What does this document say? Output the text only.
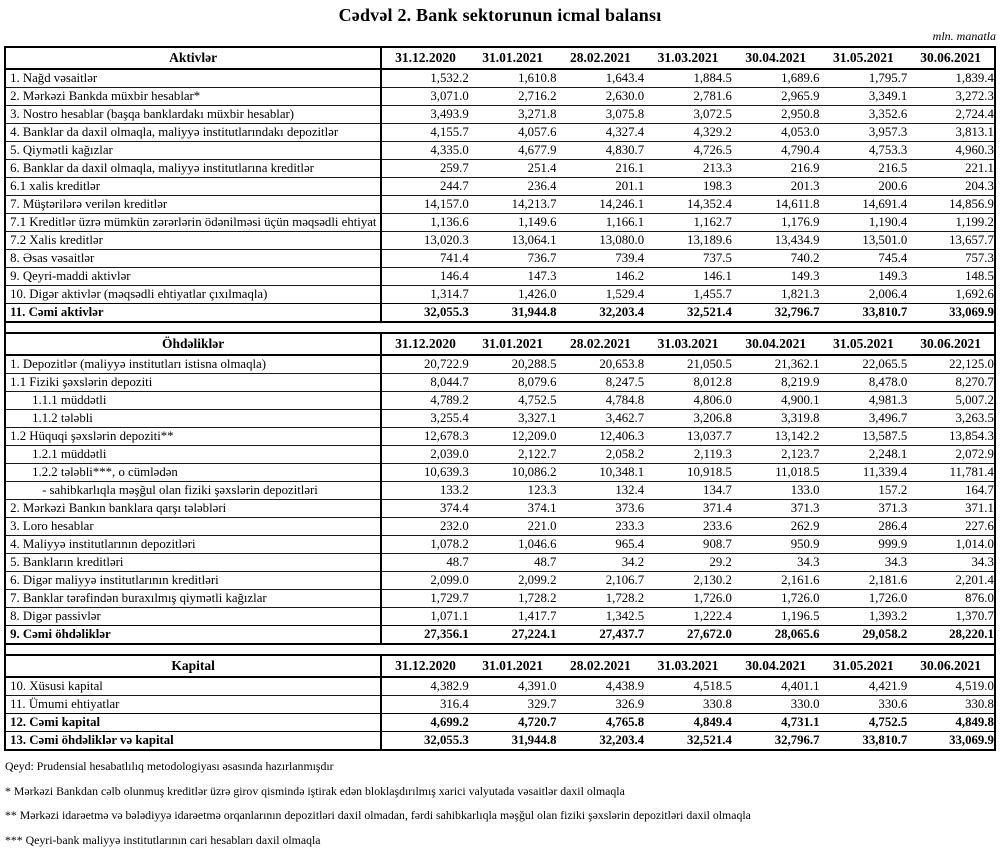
Cədvəl 2. Bank sektorunun icmal balansı
mln. manatla
Aktivlər	31.12.2020	31.01.2021	28.02.2021	31.03.2021	30.04.2021	31.05.2021	30.06.2021
1. Nağd vəsaitlər	1,532.2	1,610.8	1,643.4	1,884.5	1,689.6	1,795.7	1,839.4
2. Mərkəzi Bankda müxbir hesablar*	3,071.0	2,716.2	2,630.0	2,781.6	2,965.9	3,349.1	3,272.3
3. Nostro hesablar (başqa banklardakı müxbir hesablar)	3,493.9	3,271.8	3,075.8	3,072.5	2,950.8	3,352.6	2,724.4
4. Banklar da daxil olmaqla, maliyyə institutlarındakı depozitlər	4,155.7	4,057.6	4,327.4	4,329.2	4,053.0	3,957.3	3,813.1
5. Qiymətli kağızlar	4,335.0	4,677.9	4,830.7	4,726.5	4,790.4	4,753.3	4,960.3
6. Banklar da daxil olmaqla, maliyyə institutlarına kreditlər	259.7	251.4	216.1	213.3	216.9	216.5	221.1
6.1 xalis kreditlər	244.7	236.4	201.1	198.3	201.3	200.6	204.3
7. Müştərilərə verilən kreditlər	14,157.0	14,213.7	14,246.1	14,352.4	14,611.8	14,691.4	14,856.9
7.1 Kreditlər üzrə mümkün zərərlərin ödənilməsi üçün məqsədli ehtiyat	1,136.6	1,149.6	1,166.1	1,162.7	1,176.9	1,190.4	1,199.2
7.2 Xalis kreditlər	13,020.3	13,064.1	13,080.0	13,189.6	13,434.9	13,501.0	13,657.7
8. Əsas vəsaitlər	741.4	736.7	739.4	737.5	740.2	745.4	757.3
9. Qeyri-maddi aktivlər	146.4	147.3	146.2	146.1	149.3	149.3	148.5
10. Digər aktivlər (məqsədli ehtiyatlar çıxılmaqla)	1,314.7	1,426.0	1,529.4	1,455.7	1,821.3	2,006.4	1,692.6
11. Cəmi aktivlər	32,055.3	31,944.8	32,203.4	32,521.4	32,796.7	33,810.7	33,069.9

Öhdəliklər	31.12.2020	31.01.2021	28.02.2021	31.03.2021	30.04.2021	31.05.2021	30.06.2021
1. Depozitlər (maliyyə institutları istisna olmaqla)	20,722.9	20,288.5	20,653.8	21,050.5	21,362.1	22,065.5	22,125.0
1.1 Fiziki şəxslərin depoziti	8,044.7	8,079.6	8,247.5	8,012.8	8,219.9	8,478.0	8,270.7
1.1.1 müddətli	4,789.2	4,752.5	4,784.8	4,806.0	4,900.1	4,981.3	5,007.2
1.1.2 tələbli	3,255.4	3,327.1	3,462.7	3,206.8	3,319.8	3,496.7	3,263.5
1.2 Hüquqi şəxslərin depoziti**	12,678.3	12,209.0	12,406.3	13,037.7	13,142.2	13,587.5	13,854.3
1.2.1 müddətli	2,039.0	2,122.7	2,058.2	2,119.3	2,123.7	2,248.1	2,072.9
1.2.2 tələbli***, o cümlədən	10,639.3	10,086.2	10,348.1	10,918.5	11,018.5	11,339.4	11,781.4
- sahibkarlıqla məşğul olan fiziki şəxslərin depozitləri	133.2	123.3	132.4	134.7	133.0	157.2	164.7
2. Mərkəzi Bankın banklara qarşı tələbləri	374.4	374.1	373.6	371.4	371.3	371.3	371.1
3. Loro hesablar	232.0	221.0	233.3	233.6	262.9	286.4	227.6
4. Maliyyə institutlarının depozitləri	1,078.2	1,046.6	965.4	908.7	950.9	999.9	1,014.0
5. Bankların kreditləri	48.7	48.7	34.2	29.2	34.3	34.3	34.3
6. Digər maliyyə institutlarının kreditləri	2,099.0	2,099.2	2,106.7	2,130.2	2,161.6	2,181.6	2,201.4
7. Banklar tərəfindən buraxılmış qiymətli kağızlar	1,729.7	1,728.2	1,728.2	1,726.0	1,726.0	1,726.0	876.0
8. Digər passivlər	1,071.1	1,417.7	1,342.5	1,222.4	1,196.5	1,393.2	1,370.7
9. Cəmi öhdəliklər	27,356.1	27,224.1	27,437.7	27,672.0	28,065.6	29,058.2	28,220.1

Kapital	31.12.2020	31.01.2021	28.02.2021	31.03.2021	30.04.2021	31.05.2021	30.06.2021
10. Xüsusi kapital	4,382.9	4,391.0	4,438.9	4,518.5	4,401.1	4,421.9	4,519.0
11. Ümumi ehtiyatlar	316.4	329.7	326.9	330.8	330.0	330.6	330.8
12. Cəmi kapital	4,699.2	4,720.7	4,765.8	4,849.4	4,731.1	4,752.5	4,849.8
13. Cəmi öhdəliklər və kapital	32,055.3	31,944.8	32,203.4	32,521.4	32,796.7	33,810.7	33,069.9
Qeyd: Prudensial hesabatlılıq metodologiyası əsasında hazırlanmışdır
* Mərkəzi Bankdan cəlb olunmuş kreditlər üzrə girov qismində iştirak edən bloklaşdırılmış xarici valyutada vəsaitlər daxil olmaqla
** Mərkəzi idarəetmə və bələdiyyə idarəetmə orqanlarının depozitləri daxil olmadan, fərdi sahibkarlıqla məşğul olan fiziki şəxslərin depozitləri daxil olmaqla
*** Qeyri-bank maliyyə institutlarının cari hesabları daxil olmaqla
